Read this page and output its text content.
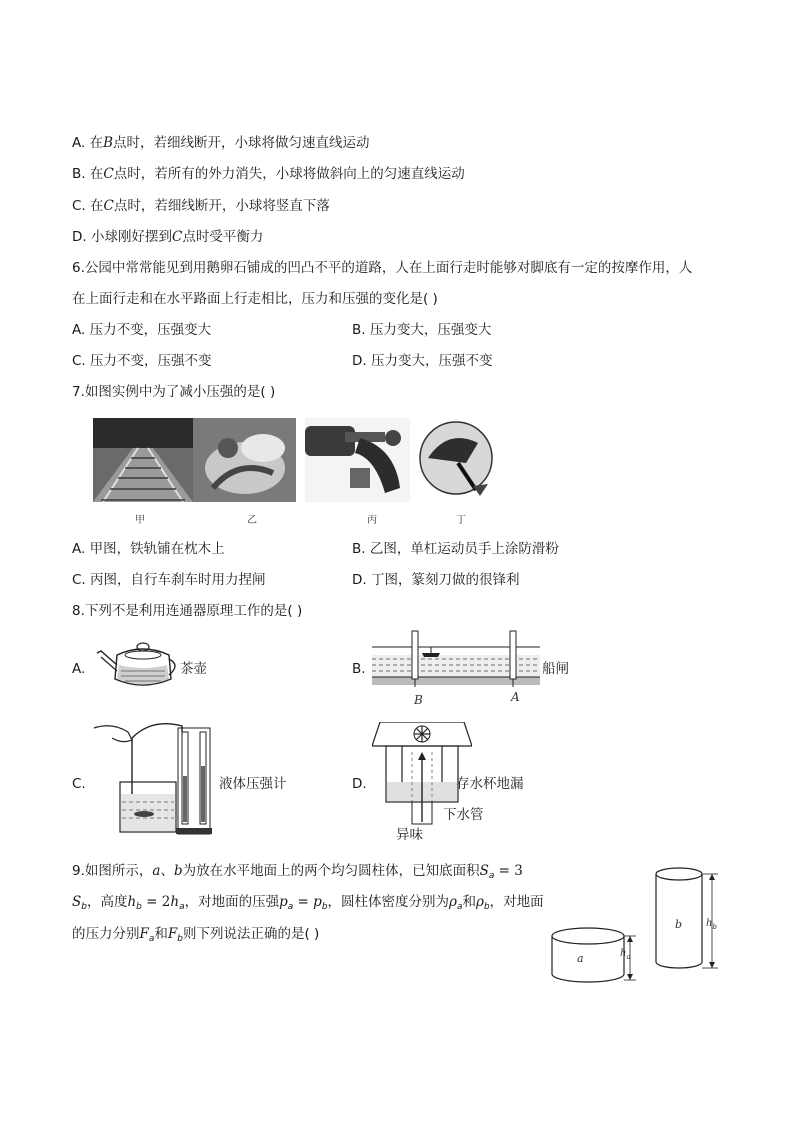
A. 在B点时，若细线断开，小球将做匀速直线运动
B. 在C点时，若所有的外力消失，小球将做斜向上的匀速直线运动
C. 在C点时，若细线断开，小球将竖直下落
D. 小球刚好摆到C点时受平衡力
6.公园中常常能见到用鹅卵石铺成的凹凸不平的道路，人在上面行走时能够对脚底有一定的按摩作用，人
在上面行走和在水平路面上行走相比，压力和压强的变化是( )
A. 压力不变，压强变大	B. 压力变大，压强变大
C. 压力不变，压强不变	D. 压力变大，压强不变
7.如图实例中为了减小压强的是( )
甲	乙	丙	丁
A. 甲图，铁轨铺在枕木上	B. 乙图，单杠运动员手上涂防滑粉
C. 丙图，自行车刹车时用力捏闸	D. 丁图，篆刻刀做的很锋利
8.下列不是利用连通器原理工作的是( )
A.	茶壶	B.	船闸
B	A
C.	液体压强计	D.	存水杯地漏
下水管
异味
9.如图所示，a、b为放在水平地面上的两个均匀圆柱体，已知底面积$S_a = 3$
$S_b$，高度$h_b = 2h_a$，对地面的压强$p_a = p_b$，圆柱体密度分别为$\rho_a$和$\rho_b$，对地面
的压力分别$F_a$和$F_b$则下列说法正确的是( )
a
b
$h_a$
$h_b$
